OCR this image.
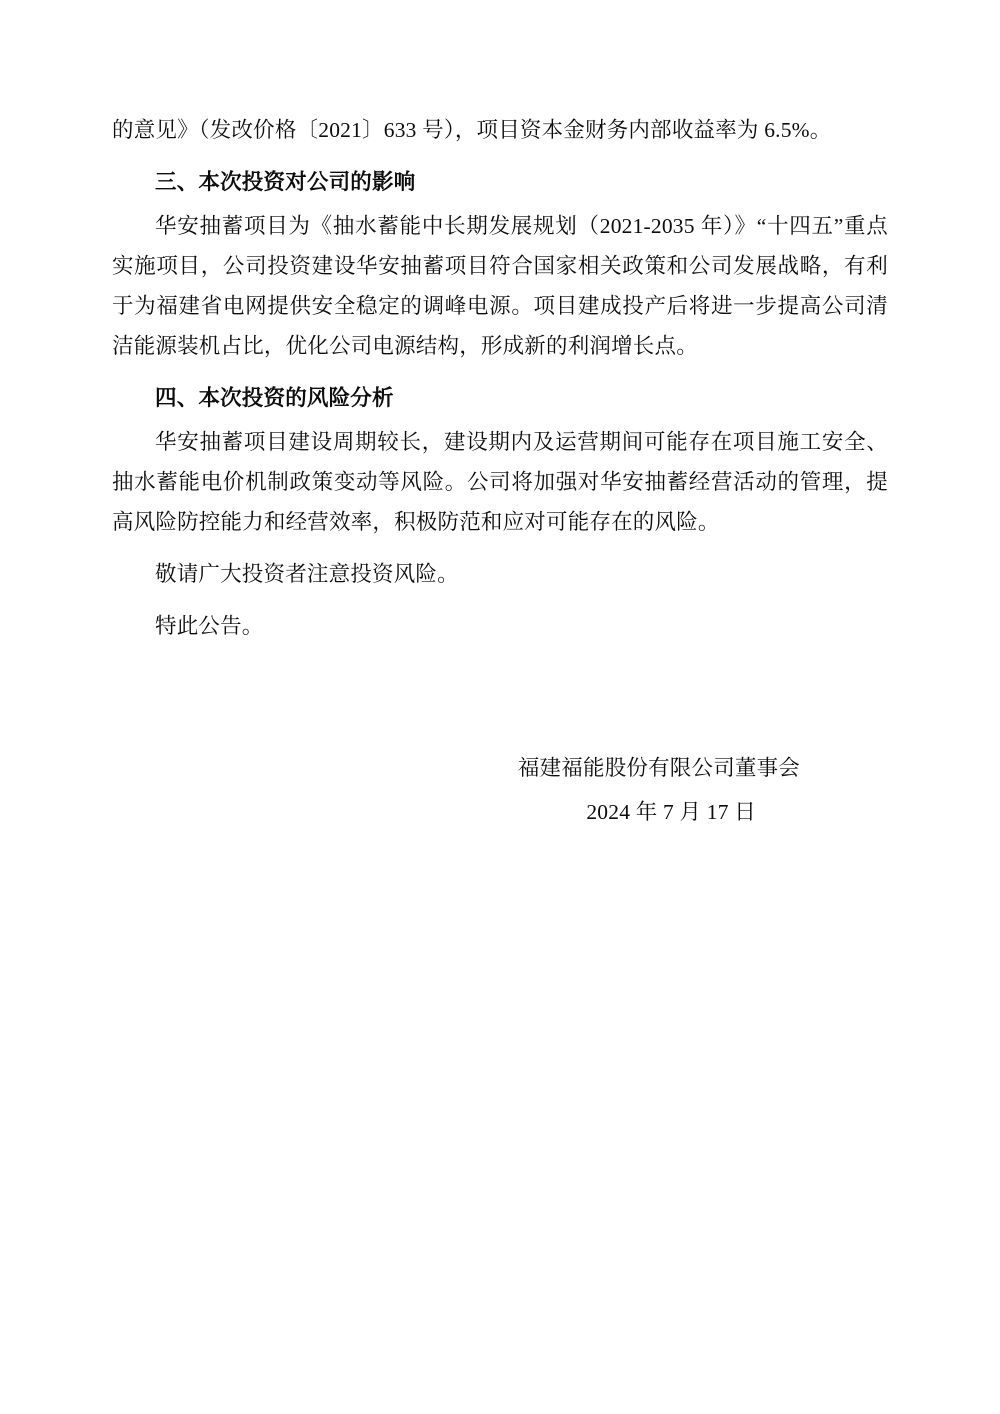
的意见》（发改价格〔2021〕633 号），项目资本金财务内部收益率为 6.5%。

三、本次投资对公司的影响

华安抽蓄项目为《抽水蓄能中长期发展规划（2021-2035 年）》“十四五”重点实施项目，公司投资建设华安抽蓄项目符合国家相关政策和公司发展战略，有利于为福建省电网提供安全稳定的调峰电源。项目建成投产后将进一步提高公司清洁能源装机占比，优化公司电源结构，形成新的利润增长点。

四、本次投资的风险分析

华安抽蓄项目建设周期较长，建设期内及运营期间可能存在项目施工安全、抽水蓄能电价机制政策变动等风险。公司将加强对华安抽蓄经营活动的管理，提高风险防控能力和经营效率，积极防范和应对可能存在的风险。

敬请广大投资者注意投资风险。

特此公告。

福建福能股份有限公司董事会
2024 年 7 月 17 日
